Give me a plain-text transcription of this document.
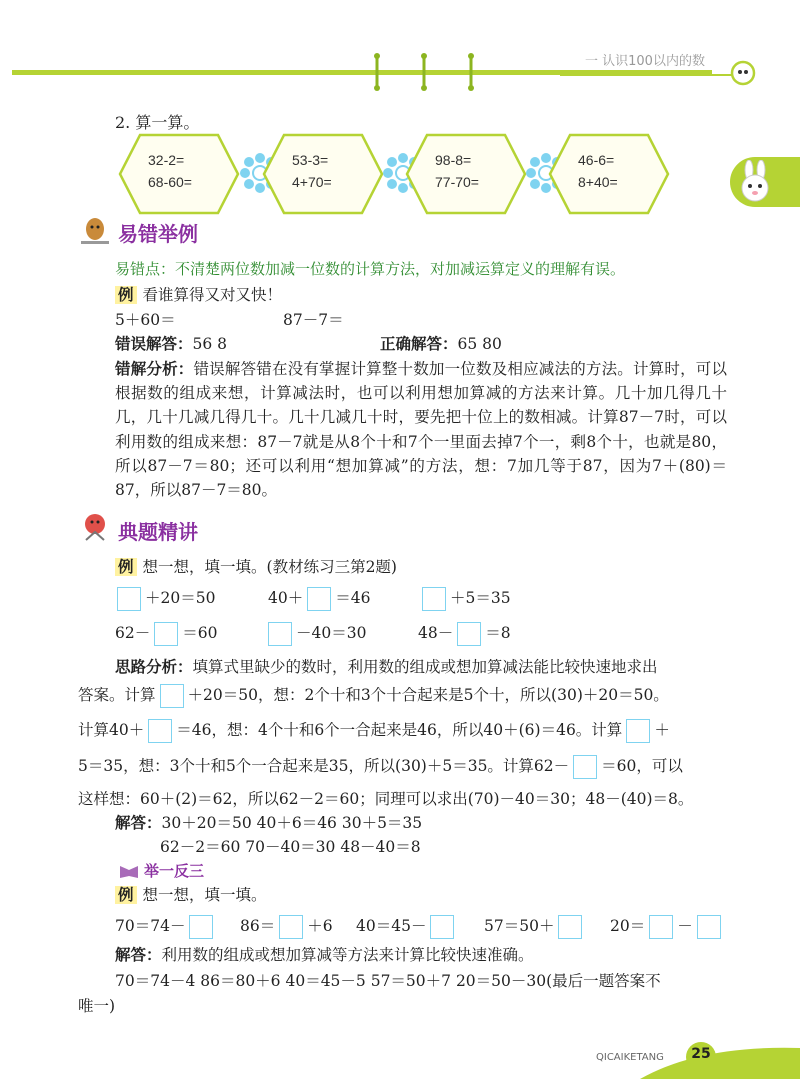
一 认识100以内的数
2. 算一算。
32-2=
68-60=
53-3=
4+70=
98-8=
77-70=
46-6=
8+40=
易错举例
易错点：不清楚两位数加减一位数的计算方法，对加减运算定义的理解有误。
例 看谁算得又对又快！
5＋60＝	87－7＝
错误解答：56 8	正确解答：65 80
错解分析：错误解答错在没有掌握计算整十数加一位数及相应减法的方法。计算时，可以根据数的组成来想，计算减法时，也可以利用想加算减的方法来计算。几十加几得几十几，几十几减几得几十。几十几减几十时，要先把十位上的数相减。计算87－7时，可以利用数的组成来想：87－7就是从8个十和7个一里面去掉7个一，剩8个十，也就是80，所以87－7＝80；还可以利用“想加算减”的方法，想：7加几等于87，因为7＋(80)＝87，所以87－7＝80。
典题精讲
例 想一想，填一填。(教材练习三第2题)
＋20＝50	40＋ ＝46	＋5＝35
62－ ＝60	－40＝30	48－ ＝8
思路分析：填算式里缺少的数时，利用数的组成或想加算减法能比较快速地求出
答案。计算 ＋20＝50，想：2个十和3个十合起来是5个十，所以(30)＋20＝50。
计算40＋ ＝46，想：4个十和6个一合起来是46，所以40＋(6)＝46。计算 ＋
5＝35，想：3个十和5个一合起来是35，所以(30)＋5＝35。计算62－ ＝60，可以
这样想：60＋(2)＝62，所以62－2＝60；同理可以求出(70)－40＝30；48－(40)＝8。
解答：30＋20＝50 40＋6＝46 30＋5＝35
62－2＝60 70－40＝30 48－40＝8
举一反三
例 想一想，填一填。
70＝74－	86＝ ＋6 40＝45－	57＝50＋	20＝ －
解答：利用数的组成或想加算减等方法来计算比较快速准确。
70＝74－4 86＝80＋6 40＝45－5 57＝50＋7 20＝50－30(最后一题答案不
唯一)
QICAIKETANG	25
